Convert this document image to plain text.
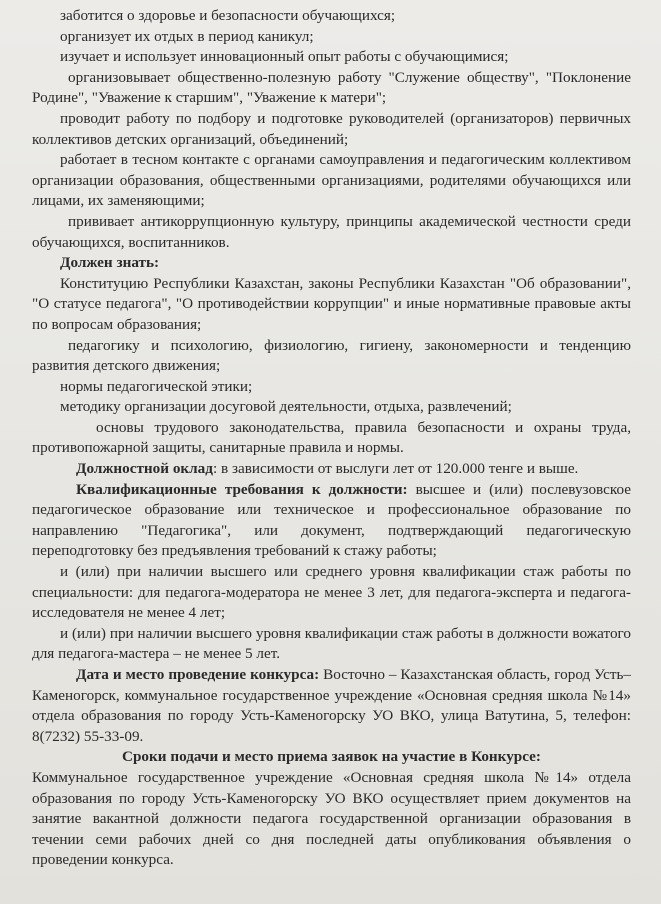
заботится о здоровье и безопасности обучающихся;

организует их отдых в период каникул;

изучает и использует инновационный опыт работы с обучающимися;

организовывает общественно-полезную работу "Служение обществу", "Поклонение Родине", "Уважение к старшим", "Уважение к матери";

проводит работу по подбору и подготовке руководителей (организаторов) первичных коллективов детских организаций, объединений;

работает в тесном контакте с органами самоуправления и педагогическим коллективом организации образования, общественными организациями, родителями обучающихся или лицами, их заменяющими;

прививает антикоррупционную культуру, принципы академической честности среди обучающихся, воспитанников.

Должен знать:

Конституцию Республики Казахстан, законы Республики Казахстан "Об образовании", "О статусе педагога", "О противодействии коррупции" и иные нормативные правовые акты по вопросам образования;

педагогику и психологию, физиологию, гигиену, закономерности и тенденцию развития детского движения;

нормы педагогической этики;

методику организации досуговой деятельности, отдыха, развлечений;

основы трудового законодательства, правила безопасности и охраны труда, противопожарной защиты, санитарные правила и нормы.

Должностной оклад: в зависимости от выслуги лет от 120.000 тенге и выше.

Квалификационные требования к должности: высшее и (или) послевузовское педагогическое образование или техническое и профессиональное образование по направлению "Педагогика", или документ, подтверждающий педагогическую переподготовку без предъявления требований к стажу работы;

и (или) при наличии высшего или среднего уровня квалификации стаж работы по специальности: для педагога-модератора не менее 3 лет, для педагога-эксперта и педагога-исследователя не менее 4 лет;

и (или) при наличии высшего уровня квалификации стаж работы в должности вожатого для педагога-мастера – не менее 5 лет.

Дата и место проведение конкурса: Восточно – Казахстанская область, город Усть–Каменогорск, коммунальное государственное учреждение «Основная средняя школа №14» отдела образования по городу Усть-Каменогорску УО ВКО, улица Ватутина, 5, телефон: 8(7232) 55-33-09.

Сроки подачи и место приема заявок на участие в Конкурсе:

Коммунальное государственное учреждение «Основная средняя школа №14» отдела образования по городу Усть-Каменогорску УО ВКО осуществляет прием документов на занятие вакантной должности педагога государственной организации образования в течении семи рабочих дней со дня последней даты опубликования объявления о проведении конкурса.
